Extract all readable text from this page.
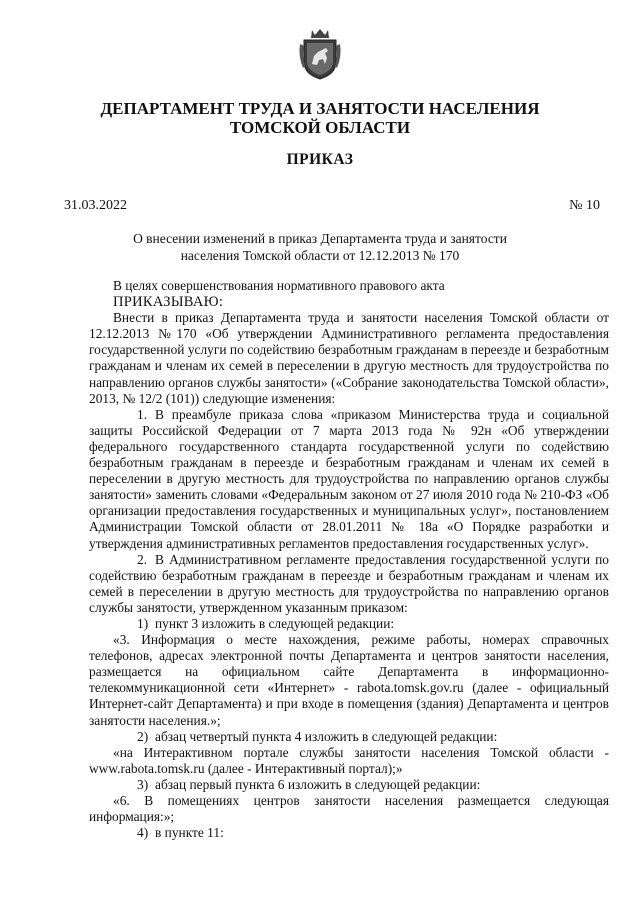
ДЕПАРТАМЕНТ ТРУДА И ЗАНЯТОСТИ НАСЕЛЕНИЯ
ТОМСКОЙ ОБЛАСТИ
ПРИКАЗ
31.03.2022	№ 10
О внесении изменений в приказ Департамента труда и занятости
населения Томской области от 12.12.2013 № 170

В целях совершенствования нормативного правового акта

ПРИКАЗЫВАЮ:

Внести в приказ Департамента труда и занятости населения Томской области от 12.12.2013 №170 «Об утверждении Административного регламента предоставления государственной услуги по содействию безработным гражданам в переезде и безработным гражданам и членам их семей в переселении в другую местность для трудоустройства по направлению органов службы занятости» («Собрание законодательства Томской области», 2013, № 12/2 (101)) следующие изменения:

1. В преамбуле приказа слова «приказом Министерства труда и социальной защиты Российской Федерации от 7 марта 2013 года № 92н «Об утверждении федерального государственного стандарта государственной услуги по содействию безработным гражданам в переезде и безработным гражданам и членам их семей в переселении в другую местность для трудоустройства по направлению органов службы занятости» заменить словами «Федеральным законом от 27 июля 2010 года № 210-ФЗ «Об организации предоставления государственных и муниципальных услуг», постановлением Администрации Томской области от 28.01.2011 № 18а «О Порядке разработки и утверждения административных регламентов предоставления государственных услуг».

2. В Административном регламенте предоставления государственной услуги по содействию безработным гражданам в переезде и безработным гражданам и членам их семей в переселении в другую местность для трудоустройства по направлению органов службы занятости, утвержденном указанным приказом:

1) пункт 3 изложить в следующей редакции:

«3. Информация о месте нахождения, режиме работы, номерах справочных телефонов, адресах электронной почты Департамента и центров занятости населения, размещается на официальном сайте Департамента в информационно-телекоммуникационной сети «Интернет» - rabota.tomsk.gov.ru (далее - официальный Интернет-сайт Департамента) и при входе в помещения (здания) Департамента и центров занятости населения.»;

2) абзац четвертый пункта 4 изложить в следующей редакции:

«на Интерактивном портале службы занятости населения Томской области - www.rabota.tomsk.ru (далее - Интерактивный портал);»

3) абзац первый пункта 6 изложить в следующей редакции:

«6. В помещениях центров занятости населения размещается следующая информация:»;

4) в пункте 11:
